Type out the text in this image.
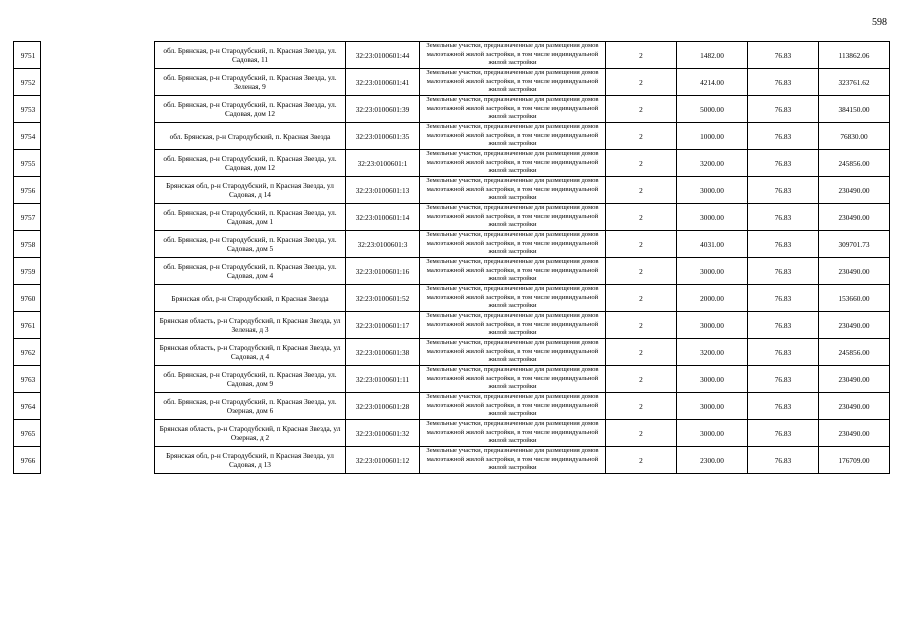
598
9751		обл. Брянская, р-н Стародубский, п. Красная Звезда, ул. Садовая, 11	32:23:0100601:44	Земельные участки, предназначенные для размещения домов малоэтажной жилой застройки, в том числе индивидуальной жилой застройки	2	1482.00	76.83	113862.06
9752		обл. Брянская, р-н Стародубский, п. Красная Звезда, ул. Зеленая, 9	32:23:0100601:41	Земельные участки, предназначенные для размещения домов малоэтажной жилой застройки, в том числе индивидуальной жилой застройки	2	4214.00	76.83	323761.62
9753		обл. Брянская, р-н Стародубский, п. Красная Звезда, ул. Садовая, дом 12	32:23:0100601:39	Земельные участки, предназначенные для размещения домов малоэтажной жилой застройки, в том числе индивидуальной жилой застройки	2	5000.00	76.83	384150.00
9754		обл. Брянская, р-н Стародубский, п. Красная Звезда	32:23:0100601:35	Земельные участки, предназначенные для размещения домов малоэтажной жилой застройки, в том числе индивидуальной жилой застройки	2	1000.00	76.83	76830.00
9755		обл. Брянская, р-н Стародубский, п. Красная Звезда, ул. Садовая, дом 12	32:23:0100601:1	Земельные участки, предназначенные для размещения домов малоэтажной жилой застройки, в том числе индивидуальной жилой застройки	2	3200.00	76.83	245856.00
9756		Брянская обл, р-н Стародубский, п Красная Звезда, ул Садовая, д 14	32:23:0100601:13	Земельные участки, предназначенные для размещения домов малоэтажной жилой застройки, в том числе индивидуальной жилой застройки	2	3000.00	76.83	230490.00
9757		обл. Брянская, р-н Стародубский, п. Красная Звезда, ул. Садовая, дом 1	32:23:0100601:14	Земельные участки, предназначенные для размещения домов малоэтажной жилой застройки, в том числе индивидуальной жилой застройки	2	3000.00	76.83	230490.00
9758		обл. Брянская, р-н Стародубский, п. Красная Звезда, ул. Садовая, дом 5	32:23:0100601:3	Земельные участки, предназначенные для размещения домов малоэтажной жилой застройки, в том числе индивидуальной жилой застройки	2	4031.00	76.83	309701.73
9759		обл. Брянская, р-н Стародубский, п. Красная Звезда, ул. Садовая, дом 4	32:23:0100601:16	Земельные участки, предназначенные для размещения домов малоэтажной жилой застройки, в том числе индивидуальной жилой застройки	2	3000.00	76.83	230490.00
9760		Брянская обл, р-н Стародубский, п Красная Звезда	32:23:0100601:52	Земельные участки, предназначенные для размещения домов малоэтажной жилой застройки, в том числе индивидуальной жилой застройки	2	2000.00	76.83	153660.00
9761		Брянская область, р-н Стародубский, п Красная Звезда, ул Зеленая, д 3	32:23:0100601:17	Земельные участки, предназначенные для размещения домов малоэтажной жилой застройки, в том числе индивидуальной жилой застройки	2	3000.00	76.83	230490.00
9762		Брянская область, р-н Стародубский, п Красная Звезда, ул Садовая, д 4	32:23:0100601:38	Земельные участки, предназначенные для размещения домов малоэтажной жилой застройки, в том числе индивидуальной жилой застройки	2	3200.00	76.83	245856.00
9763		обл. Брянская, р-н Стародубский, п. Красная Звезда, ул. Садовая, дом 9	32:23:0100601:11	Земельные участки, предназначенные для размещения домов малоэтажной жилой застройки, в том числе индивидуальной жилой застройки	2	3000.00	76.83	230490.00
9764		обл. Брянская, р-н Стародубский, п. Красная Звезда, ул. Озерная, дом 6	32:23:0100601:28	Земельные участки, предназначенные для размещения домов малоэтажной жилой застройки, в том числе индивидуальной жилой застройки	2	3000.00	76.83	230490.00
9765		Брянская область, р-н Стародубский, п Красная Звезда, ул Озерная, д 2	32:23:0100601:32	Земельные участки, предназначенные для размещения домов малоэтажной жилой застройки, в том числе индивидуальной жилой застройки	2	3000.00	76.83	230490.00
9766		Брянская обл, р-н Стародубский, п Красная Звезда, ул Садовая, д 13	32:23:0100601:12	Земельные участки, предназначенные для размещения домов малоэтажной жилой застройки, в том числе индивидуальной жилой застройки	2	2300.00	76.83	176709.00
